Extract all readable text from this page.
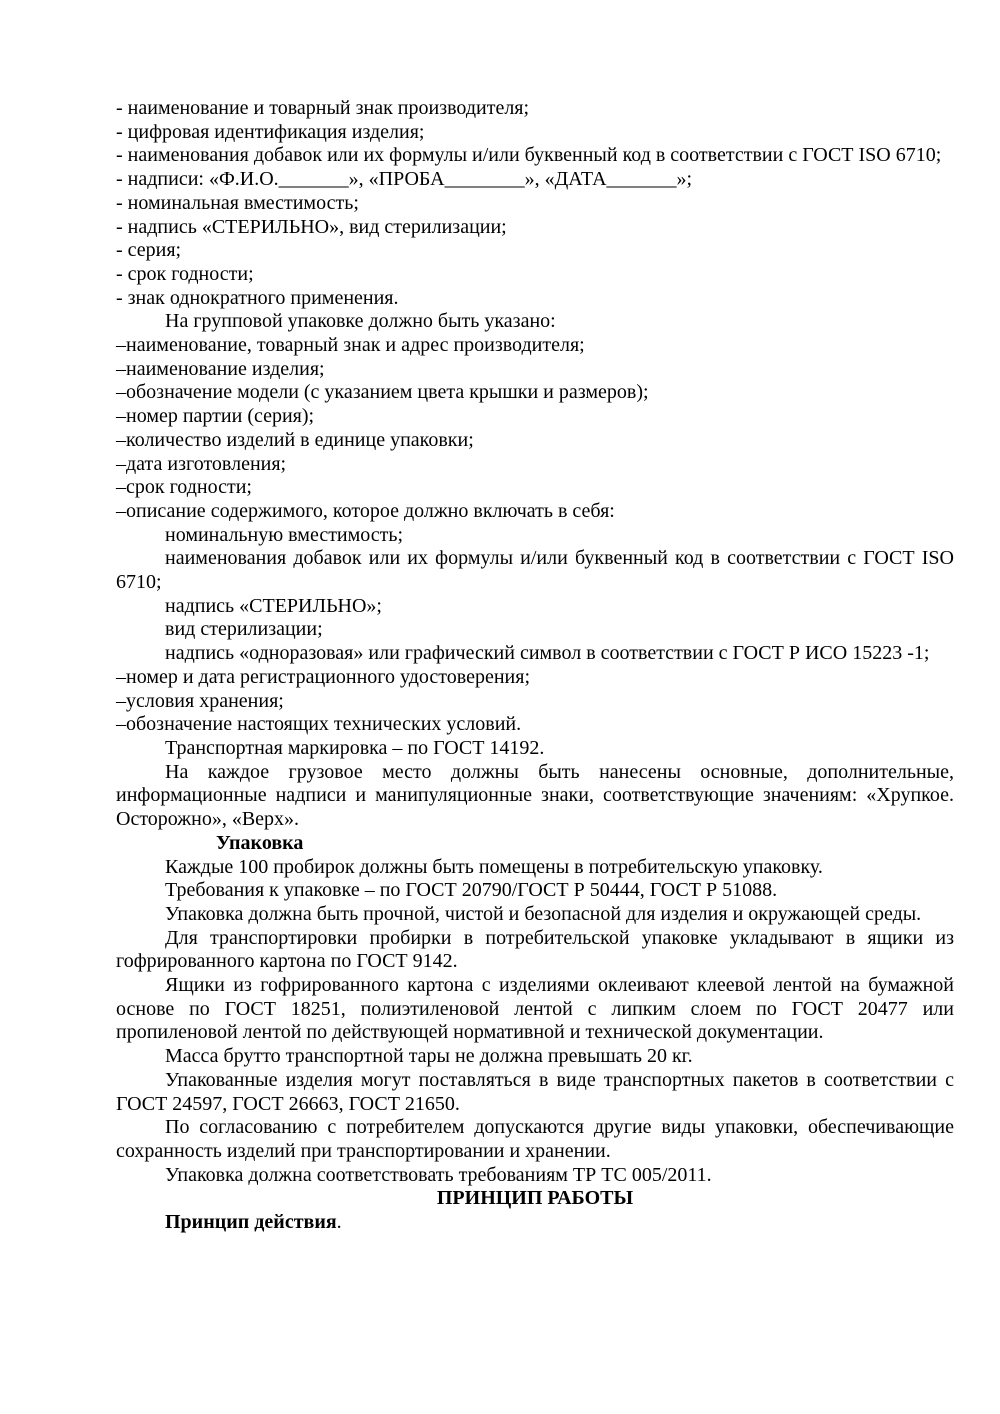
- наименование и товарный знак производителя;

- цифровая идентификация изделия;

- наименования добавок или их формулы и/или буквенный код в соответствии с ГОСТ ISO 6710;

- надписи: «Ф.И.О._______», «ПРОБА________», «ДАТА_______»;

- номинальная вместимость;

- надпись «СТЕРИЛЬНО», вид стерилизации;

- серия;

- срок годности;

- знак однократного применения.

На групповой упаковке должно быть указано:

–наименование, товарный знак и адрес производителя;

–наименование изделия;

–обозначение модели (с указанием цвета крышки и размеров);

–номер партии (серия);

–количество изделий в единице упаковки;

–дата изготовления;

–срок годности;

–описание содержимого, которое должно включать в себя:

номинальную вместимость;

наименования добавок или их формулы и/или буквенный код в соответствии с ГОСТ ISO 6710;

надпись «СТЕРИЛЬНО»;

вид стерилизации;

надпись «одноразовая» или графический символ в соответствии с ГОСТ Р ИСО 15223 -1;

–номер и дата регистрационного удостоверения;

–условия хранения;

–обозначение настоящих технических условий.

Транспортная маркировка – по ГОСТ 14192.

На каждое грузовое место должны быть нанесены основные, дополнительные, информационные надписи и манипуляционные знаки, соответствующие значениям: «Хрупкое. Осторожно», «Верх».

Упаковка

Каждые 100 пробирок должны быть помещены в потребительскую упаковку.

Требования к упаковке – по ГОСТ 20790/ГОСТ Р 50444, ГОСТ Р 51088.

Упаковка должна быть прочной, чистой и безопасной для изделия и окружающей среды.

Для транспортировки пробирки в потребительской упаковке укладывают в ящики из гофрированного картона по ГОСТ 9142.

Ящики из гофрированного картона с изделиями оклеивают клеевой лентой на бумажной основе по ГОСТ 18251, полиэтиленовой лентой с липким слоем по ГОСТ 20477 или пропиленовой лентой по действующей нормативной и технической документации.

Масса брутто транспортной тары не должна превышать 20 кг.

Упакованные изделия могут поставляться в виде транспортных пакетов в соответствии с ГОСТ 24597, ГОСТ 26663, ГОСТ 21650.

По согласованию с потребителем допускаются другие виды упаковки, обеспечивающие сохранность изделий при транспортировании и хранении.

Упаковка должна соответствовать требованиям ТР ТС 005/2011.

ПРИНЦИП РАБОТЫ

Принцип действия.
